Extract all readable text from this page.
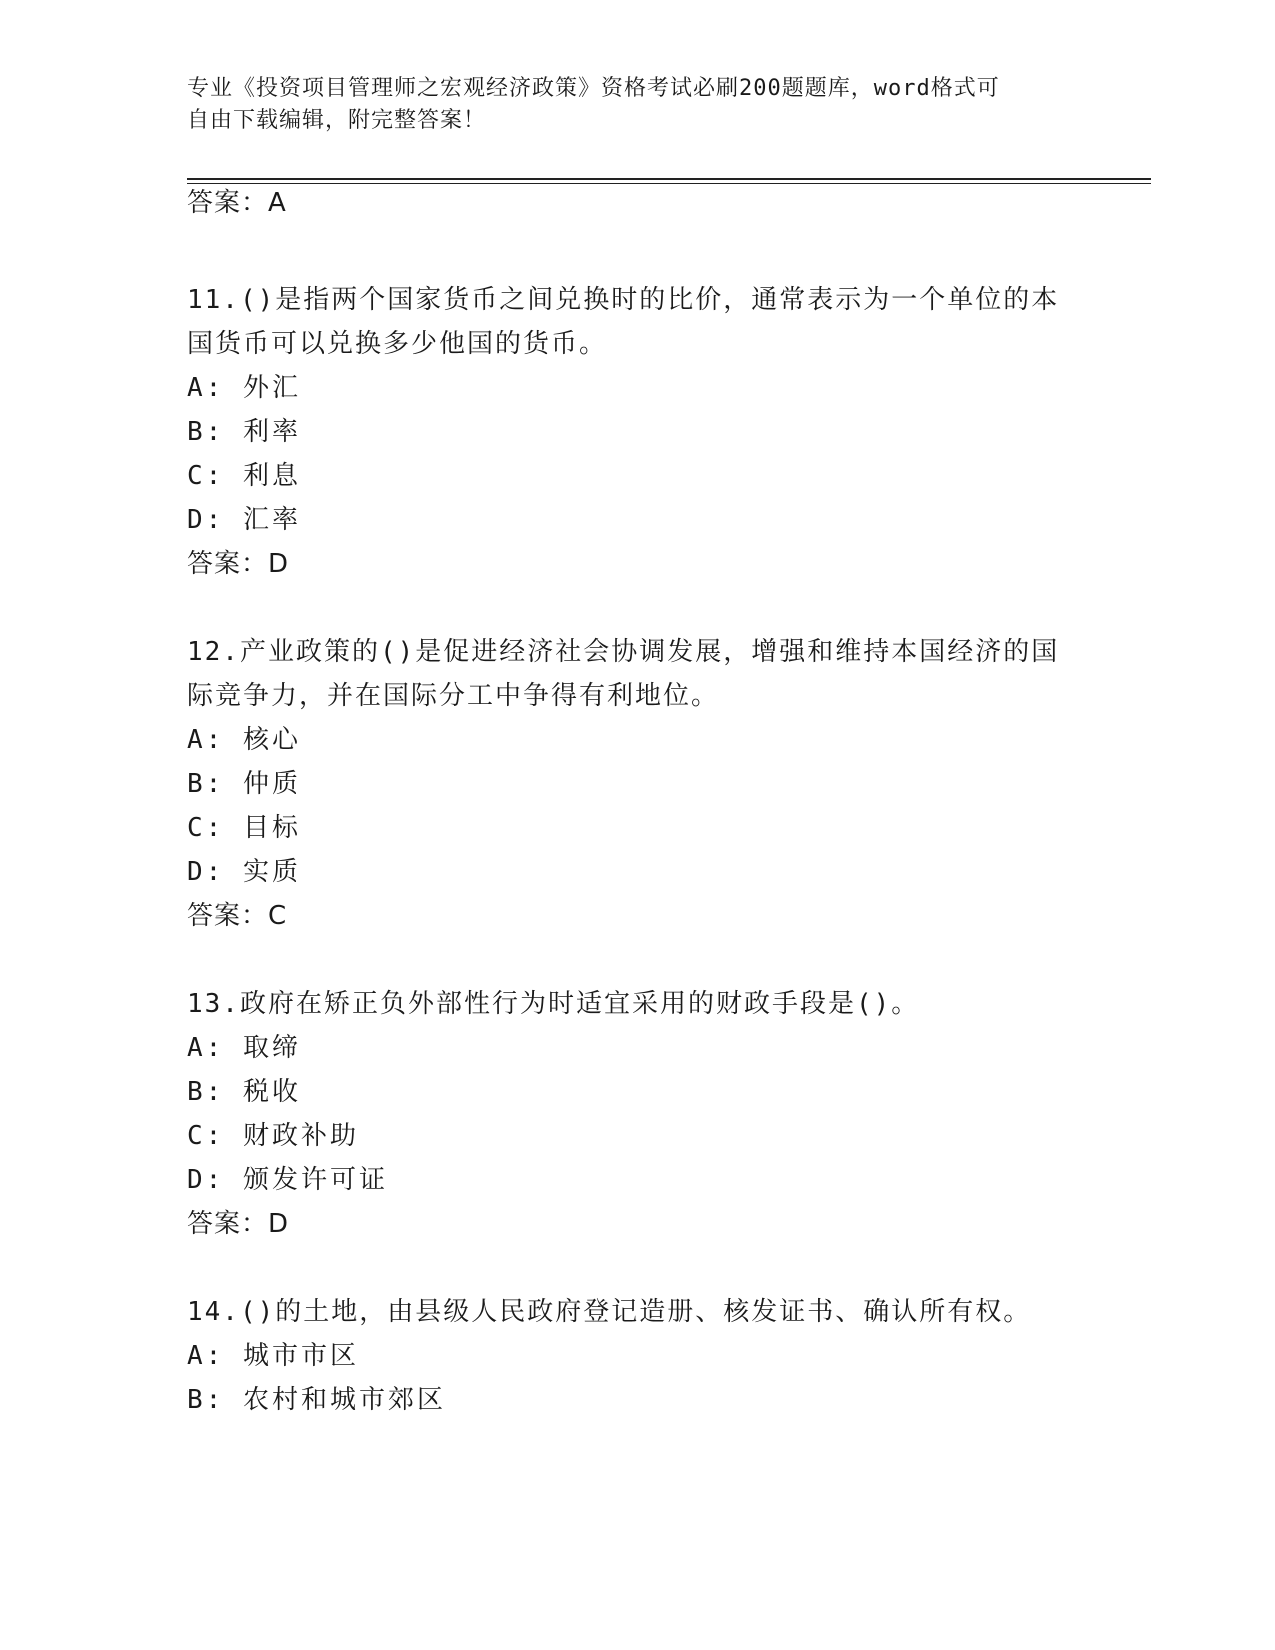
专业《投资项目管理师之宏观经济政策》资格考试必刷200题题库，word格式可
自由下载编辑，附完整答案！
答案：A
11.()是指两个国家货币之间兑换时的比价，通常表示为一个单位的本
国货币可以兑换多少他国的货币。
A: 外汇
B: 利率
C: 利息
D: 汇率
答案：D
12.产业政策的()是促进经济社会协调发展，增强和维持本国经济的国
际竞争力，并在国际分工中争得有利地位。
A: 核心
B: 仲质
C: 目标
D: 实质
答案：C
13.政府在矫正负外部性行为时适宜采用的财政手段是()。
A: 取缔
B: 税收
C: 财政补助
D: 颁发许可证
答案：D
14.()的土地，由县级人民政府登记造册、核发证书、确认所有权。
A: 城市市区
B: 农村和城市郊区
